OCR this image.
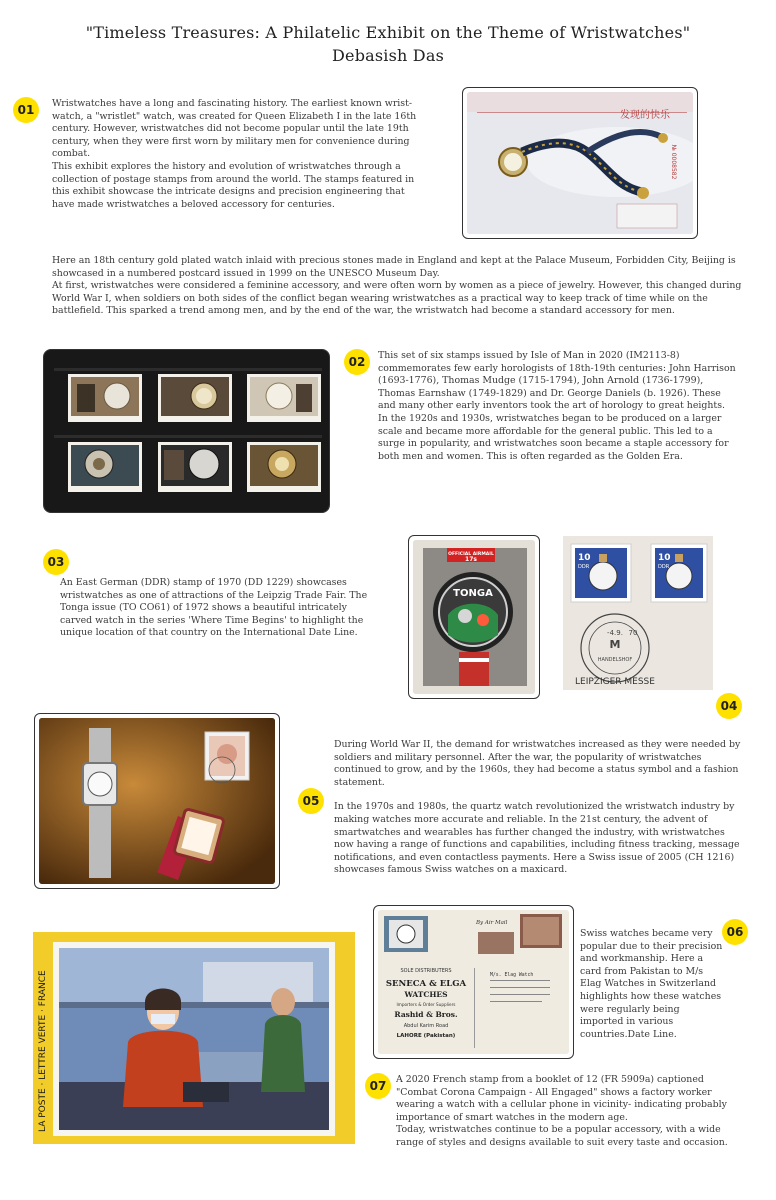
"Timeless Treasures: A Philatelic Exhibit on the Theme of Wristwatches"
Debasish Das
01	Wristwatches have a long and fascinating history. The earliest known wrist-watch, a "wristlet" watch, was created for Queen Elizabeth I in the late 16th century. However, wristwatches did not become popular until the late 19th century, when they were first worn by military men for convenience during combat.

This exhibit explores the history and evolution of wristwatches through a collection of postage stamps from around the world. The stamps featured in this exhibit showcase the intricate designs and precision engineering that have made wristwatches a beloved accessory for centuries.

发现的快乐
№ 0008582

Here an 18th century gold plated watch inlaid with precious stones made in England and kept at the Palace Museum, Forbidden City, Beijing is showcased in a numbered postcard issued in 1999 on the UNESCO Museum Day.

At first, wristwatches were considered a feminine accessory, and were often worn by women as a piece of jewelry. However, this changed during World War I, when soldiers on both sides of the conflict began wearing wristwatches as a practical way to keep track of time while on the battlefield. This sparked a trend among men, and by the end of the war, the wristwatch had become a standard accessory for men.

02	This set of six stamps issued by Isle of Man in 2020 (IM2113-8) commemorates few early horologists of 18th-19th centuries: John Harrison (1693-1776), Thomas Mudge (1715-1794), John Arnold (1736-1799), Thomas Earnshaw (1749-1829) and Dr. George Daniels (b. 1926). These and many other early inventors took the art of horology to great heights.

In the 1920s and 1930s, wristwatches began to be produced on a larger scale and became more affordable for the general public. This led to a surge in popularity, and wristwatches soon became a staple accessory for both men and women. This is often regarded as the Golden Era.

03

An East German (DDR) stamp of 1970 (DD 1229) showcases wristwatches as one of attractions of the Leipzig Trade Fair. The Tonga issue (TO CO61) of 1972 shows a beautiful intricately carved watch in the series 'Where Time Begins' to highlight the unique location of that country on the International Date Line.

OFFICIAL AIRMAIL
17s
TONGA
10
DDR
10
DDR
-4.9. 70
M
HANDELSHOF
LEIPZIGER MESSE
04

During World War II, the demand for wristwatches increased as they were needed by soldiers and military personnel. After the war, the popularity of wristwatches continued to grow, and by the 1960s, they had become a status symbol and a fashion statement.

In the 1970s and 1980s, the quartz watch revolutionized the wristwatch industry by making watches more accurate and reliable. In the 21st century, the advent of smartwatches and wearables has further changed the industry, with wristwatches now having a range of functions and capabilities, including fitness tracking, message notifications, and even contactless payments. Here a Swiss issue of 2005 (CH 1216) showcases famous Swiss watches on a maxicard.

05
By Air Mail
SOLE DISTRIBUTERS
SENECA & ELGA
WATCHES
Importers & Order Suppliers
Rashid & Bros.
Abdul Karim Road
LAHORE (Pakistan)
M/s. Elag Watch
06

Swiss watches became very popular due to their precision and workmanship. Here a card from Pakistan to M/s Elag Watches in Switzerland highlights how these watches were regularly being imported in various countries.Date Line.

LA POSTE · LETTRE VERTE · FRANCE	07	A 2020 French stamp from a booklet of 12 (FR 5909a) captioned "Combat Corona Campaign - All Engaged" shows a factory worker wearing a watch with a cellular phone in vicinity- indicating probably importance of smart watches in the modern age.

Today, wristwatches continue to be a popular accessory, with a wide range of styles and designs available to suit every taste and occasion.
